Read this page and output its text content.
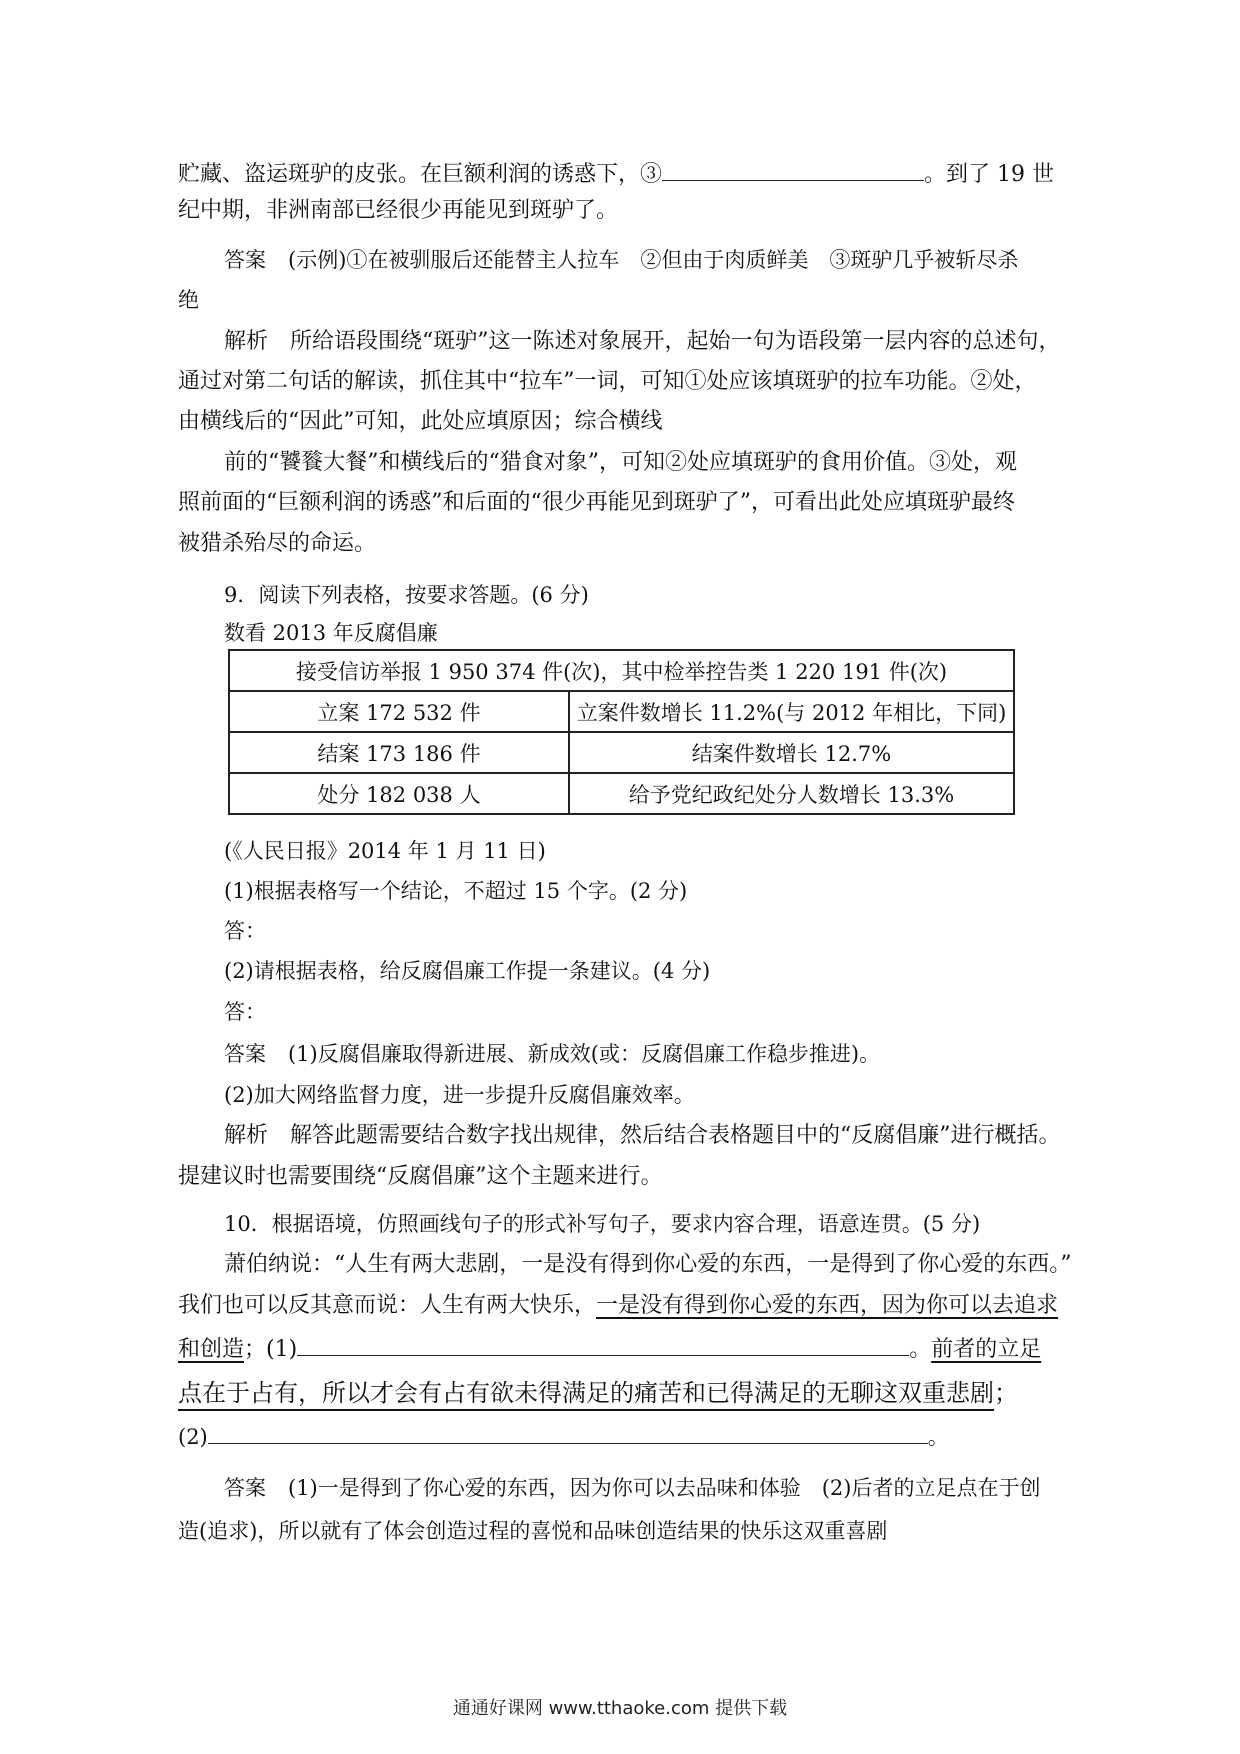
贮藏、盗运斑驴的皮张。在巨额利润的诱惑下，③	。到了 19 世
纪中期，非洲南部已经很少再能见到斑驴了。
答案 (示例)①在被驯服后还能替主人拉车　②但由于肉质鲜美　③斑驴几乎被斩尽杀
绝
解析 所给语段围绕“斑驴”这一陈述对象展开，起始一句为语段第一层内容的总述句，
通过对第二句话的解读，抓住其中“拉车”一词，可知①处应该填斑驴的拉车功能。②处，
由横线后的“因此”可知，此处应填原因；综合横线
前的“饕餮大餐”和横线后的“猎食对象”，可知②处应填斑驴的食用价值。③处，观
照前面的“巨额利润的诱惑”和后面的“很少再能见到斑驴了”，可看出此处应填斑驴最终
被猎杀殆尽的命运。
9．阅读下列表格，按要求答题。(6 分)
数看 2013 年反腐倡廉
接受信访举报 1 950 374 件(次)，其中检举控告类 1 220 191 件(次)	
立案 172 532 件	立案件数增长 11.2%(与 2012 年相比，下同)
结案 173 186 件	结案件数增长 12.7%
处分 182 038 人	给予党纪政纪处分人数增长 13.3%
(《人民日报》2014 年 1 月 11 日)
(1)根据表格写一个结论，不超过 15 个字。(2 分)
答：
(2)请根据表格，给反腐倡廉工作提一条建议。(4 分)
答：
答案 (1)反腐倡廉取得新进展、新成效(或：反腐倡廉工作稳步推进)。
(2)加大网络监督力度，进一步提升反腐倡廉效率。
解析 解答此题需要结合数字找出规律，然后结合表格题目中的“反腐倡廉”进行概括。
提建议时也需要围绕“反腐倡廉”这个主题来进行。
10．根据语境，仿照画线句子的形式补写句子，要求内容合理，语意连贯。(5 分)
萧伯纳说：“人生有两大悲剧，一是没有得到你心爱的东西，一是得到了你心爱的东西。”
我们也可以反其意而说：人生有两大快乐，一是没有得到你心爱的东西，因为你可以去追求
和创造；(1)	。前者的立足
点在于占有，所以才会有占有欲未得满足的痛苦和已得满足的无聊这双重悲剧；
(2)	。
答案 (1)一是得到了你心爱的东西，因为你可以去品味和体验　(2)后者的立足点在于创
造(追求)，所以就有了体会创造过程的喜悦和品味创造结果的快乐这双重喜剧
通通好课网 www.tthaoke.com 提供下载
